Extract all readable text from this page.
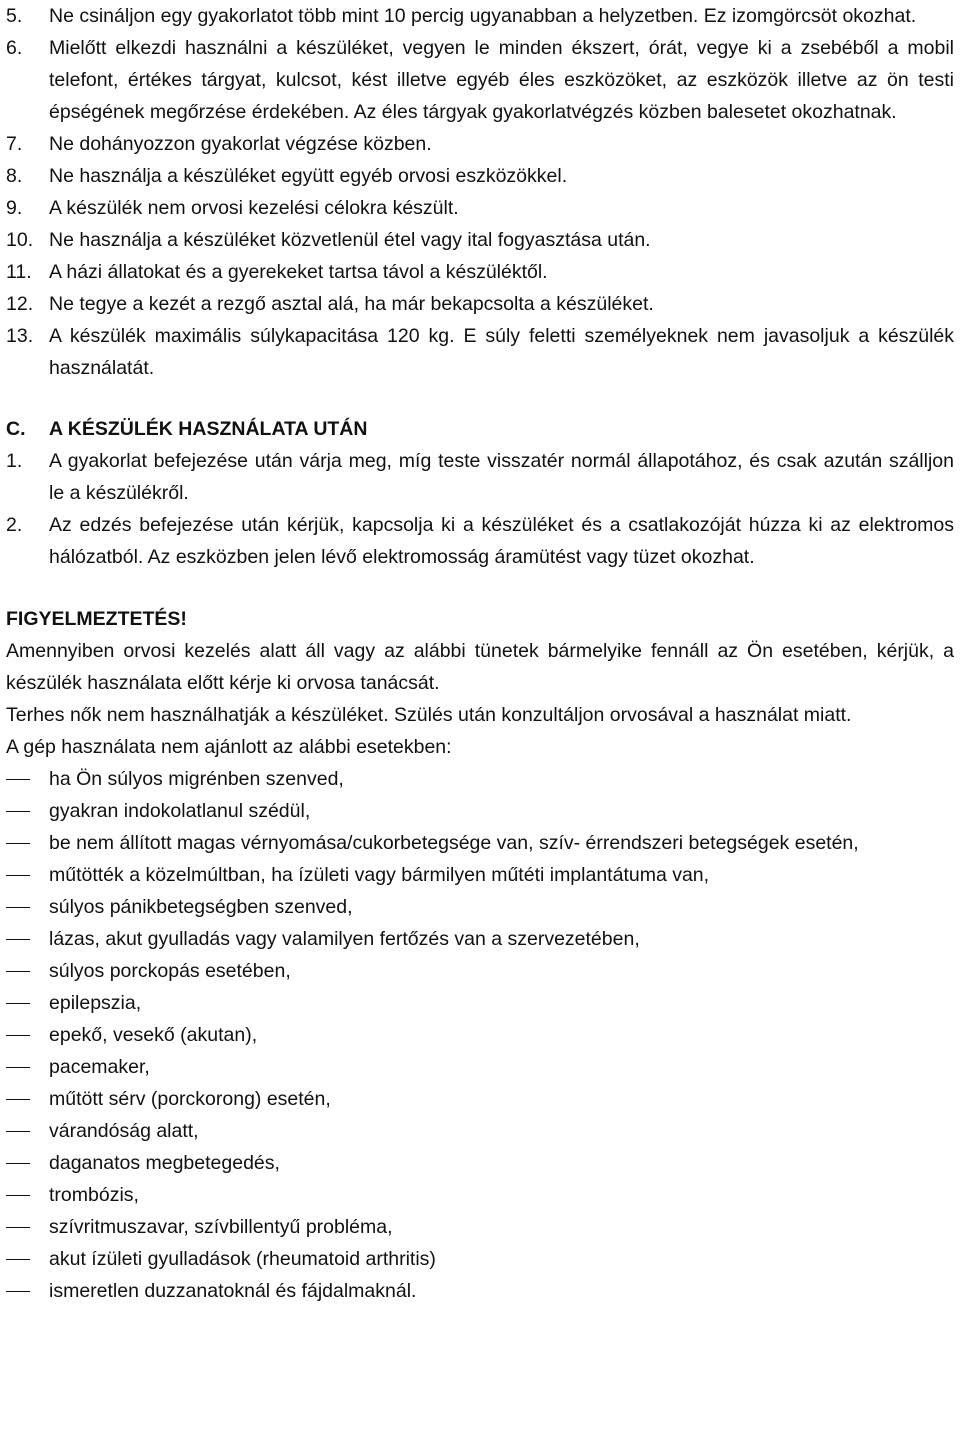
5.	Ne csináljon egy gyakorlatot több mint 10 percig ugyanabban a helyzetben. Ez izomgörcsöt okozhat.
6.	Mielőtt elkezdi használni a készüléket, vegyen le minden ékszert, órát, vegye ki a zsebéből a mobil telefont, értékes tárgyat, kulcsot, kést illetve egyéb éles eszközöket, az eszközök illetve az ön testi épségének megőrzése érdekében. Az éles tárgyak gyakorlatvégzés közben balesetet okozhatnak.
7.	Ne dohányozzon gyakorlat végzése közben.
8.	Ne használja a készüléket együtt egyéb orvosi eszközökkel.
9.	A készülék nem orvosi kezelési célokra készült.
10. Ne használja a készüléket közvetlenül étel vagy ital fogyasztása után.
11. A házi állatokat és a gyerekeket tartsa távol a készüléktől.
12. Ne tegye a kezét a rezgő asztal alá, ha már bekapcsolta a készüléket.
13. A készülék maximális súlykapacitása 120 kg. E súly feletti személyeknek nem javasoljuk a készülék használatát.
C.	A KÉSZÜLÉK HASZNÁLATA UTÁN
1.	A gyakorlat befejezése után várja meg, míg teste visszatér normál állapotához, és csak azután szálljon le a készülékről.
2.	Az edzés befejezése után kérjük, kapcsolja ki a készüléket és a csatlakozóját húzza ki az elektromos hálózatból. Az eszközben jelen lévő elektromosság áramütést vagy tüzet okozhat.
FIGYELMEZTETÉS!
Amennyiben orvosi kezelés alatt áll vagy az alábbi tünetek bármelyike fennáll az Ön esetében, kérjük, a készülék használata előtt kérje ki orvosa tanácsát.
Terhes nők nem használhatják a készüléket. Szülés után konzultáljon orvosával a használat miatt.
A gép használata nem ajánlott az alábbi esetekben:
ha Ön súlyos migrénben szenved,
gyakran indokolatlanul szédül,
be nem állított magas vérnyomása/cukorbetegsége van, szív- érrendszeri betegségek esetén,
műtötték a közelmúltban, ha ízületi vagy bármilyen műtéti implantátuma van,
súlyos pánikbetegségben szenved,
lázas, akut gyulladás vagy valamilyen fertőzés van a szervezetében,
súlyos porckopás esetében,
epilepszia,
epekő, vesekő (akutan),
pacemaker,
műtött sérv (porckorong) esetén,
várandóság alatt,
daganatos megbetegedés,
trombózis,
szívritmuszavar, szívbillentyű probléma,
akut ízületi gyulladások (rheumatoid arthritis)
ismeretlen duzzanatoknál és fájdalmaknál.
